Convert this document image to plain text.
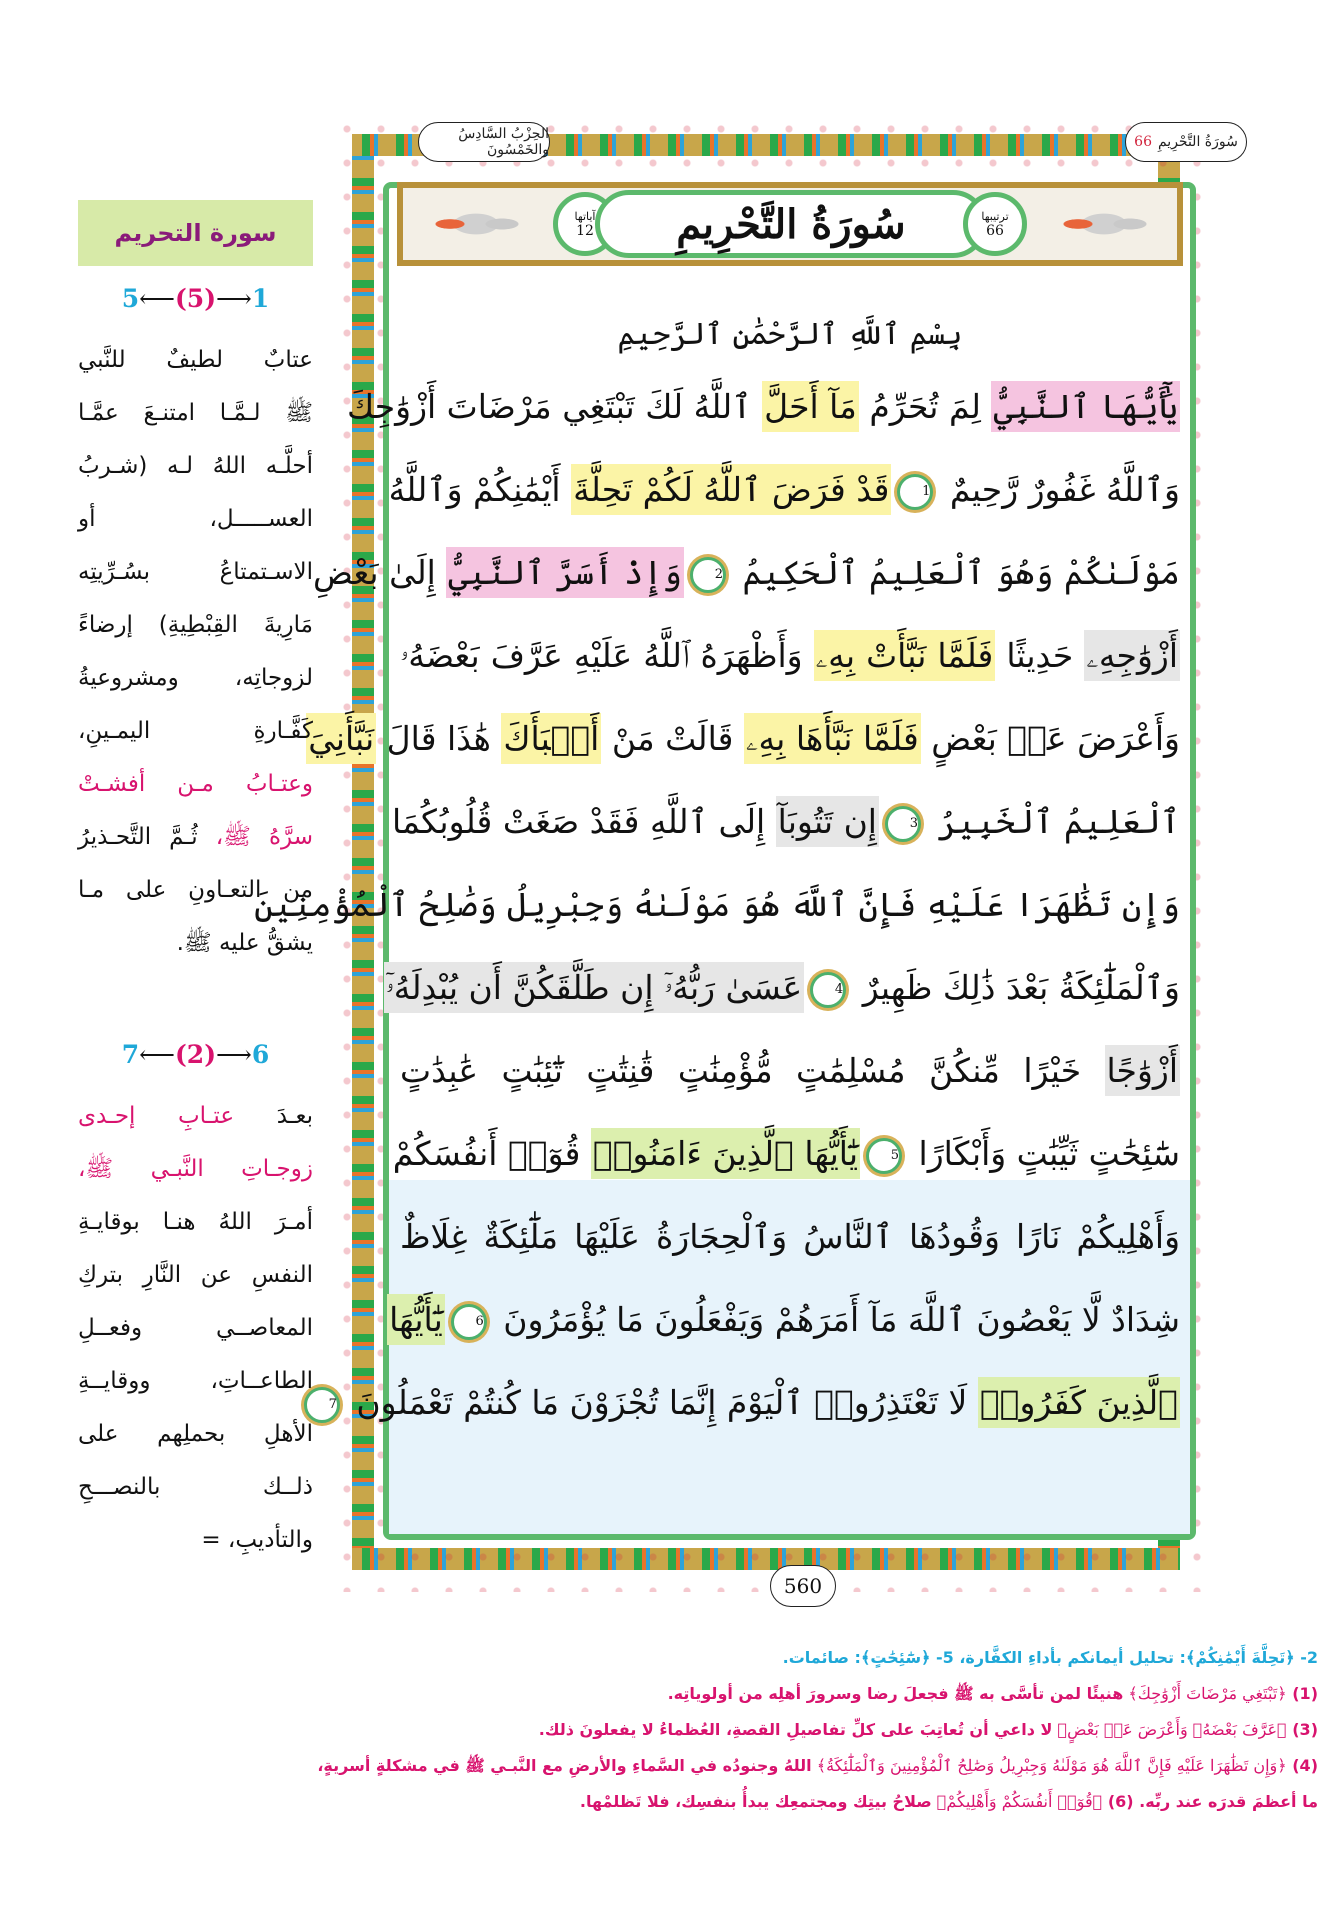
سُورَةُ التَّحْرِيمِ
66
الحِزْبُ السَّادِسُ والخَمْسُونَ
آياتها
12 سُورَةُ التَّحْرِيمِ	ترتيبها
66
بِسْمِ ٱللَّهِ ٱلرَّحْمَٰنِ ٱلرَّحِيمِ
يَٰٓأَيُّهَا ٱلنَّبِيُّ لِمَ تُحَرِّمُ مَآ أَحَلَّ ٱللَّهُ لَكَ تَبْتَغِي مَرْضَاتَ أَزْوَٰجِكَ
وَٱللَّهُ غَفُورٌ رَّحِيمٌ 1قَدْ فَرَضَ ٱللَّهُ لَكُمْ تَحِلَّةَ أَيْمَٰنِكُمْ وَٱللَّهُ
مَوْلَىٰكُمْ وَهُوَ ٱلْعَلِيمُ ٱلْحَكِيمُ 2وَإِذْ أَسَرَّ ٱلنَّبِيُّ إِلَىٰ بَعْضِ
أَزْوَٰجِهِۦ حَدِيثًا فَلَمَّا نَبَّأَتْ بِهِۦ وَأَظْهَرَهُ ٱللَّهُ عَلَيْهِ عَرَّفَ بَعْضَهُۥ
وَأَعْرَضَ عَنۢ بَعْضٍ فَلَمَّا نَبَّأَهَا بِهِۦ قَالَتْ مَنْ أَنۢبَأَكَ هَٰذَا قَالَ نَبَّأَنِيَ
ٱلْعَلِيمُ ٱلْخَبِيرُ 3إِن تَتُوبَآ إِلَى ٱللَّهِ فَقَدْ صَغَتْ قُلُوبُكُمَا
وَإِن تَظَٰهَرَا عَلَيْهِ فَإِنَّ ٱللَّهَ هُوَ مَوْلَىٰهُ وَجِبْرِيلُ وَصَٰلِحُ ٱلْمُؤْمِنِينَ
وَٱلْمَلَٰٓئِكَةُ بَعْدَ ذَٰلِكَ ظَهِيرٌ 4عَسَىٰ رَبُّهُۥٓ إِن طَلَّقَكُنَّ أَن يُبْدِلَهُۥٓ
أَزْوَٰجًا خَيْرًا مِّنكُنَّ مُسْلِمَٰتٍ مُّؤْمِنَٰتٍ قَٰنِتَٰتٍ تَٰٓئِبَٰتٍ عَٰبِدَٰتٍ
سَٰٓئِحَٰتٍ ثَيِّبَٰتٍ وَأَبْكَارًا 5يَٰٓأَيُّهَا ٱلَّذِينَ ءَامَنُوا۟ قُوٓا۟ أَنفُسَكُمْ
وَأَهْلِيكُمْ نَارًا وَقُودُهَا ٱلنَّاسُ وَٱلْحِجَارَةُ عَلَيْهَا مَلَٰٓئِكَةٌ غِلَاظٌ
شِدَادٌ لَّا يَعْصُونَ ٱللَّهَ مَآ أَمَرَهُمْ وَيَفْعَلُونَ مَا يُؤْمَرُونَ 6يَٰٓأَيُّهَا
ٱلَّذِينَ كَفَرُوا۟ لَا تَعْتَذِرُوا۟ ٱلْيَوْمَ إِنَّمَا تُجْزَوْنَ مَا كُنتُمْ تَعْمَلُونَ 7
560
سورة التحريم
5⟵(5)⟶1
عتابٌ لطيفٌ للنَّبي
ﷺ لـمَّـا امتنـعَ عمَّـا
أحلَّـه اللهُ لـه (شـربُ
العســـــل، أو
الاسـتمتاعُ بسُـرِّيتِه
مَارِيةَ القِبْطِيةِ) إرضاءً
لزوجاتِه، ومشروعيةُ
كَفَّـارةِ اليمـينِ،
وعتـابُ مـن أفشـتْ
سرَّهُ ﷺ، ثُـمَّ التَّحـذيرُ
من التعـاونِ على مـا
يشقُّ عليه ﷺ.
7⟵(2)⟶6
بعـدَ عتـابِ إحـدى
زوجـاتِ النَّبـي ﷺ،
أمـرَ اللهُ هنـا بوقايـةِ
النفسِ عن النَّارِ بتركِ
المعاصــي وفعــلِ
الطاعــاتِ، ووقايــةِ
الأهلِ بحملِهم على
ذلــك بالنصـــحِ
والتأديبِ، =
2- ﴿تَحِلَّةَ أَيْمَٰنِكُمْ﴾: تحليل أيمانكم بأداءِ الكفَّارة، 5- ﴿سَٰٓئِحَٰتٍ﴾: صائمات.
(1) ﴿تَبْتَغِي مَرْضَاتَ أَزْوَٰجِكَ﴾ هنيئًا لمن تأسَّى به ﷺ فجعلَ رضا وسرورَ أهلِه من أولوياتِه.
(3) ﴿عَرَّفَ بَعْضَهُۥ وَأَعْرَضَ عَنۢ بَعْضٍ﴾ لا داعي أن تُعاتِبَ على كلِّ تفاصيلِ القصةِ، العُظماءُ لا يفعلونَ ذلك.
(4) ﴿وَإِن تَظَٰهَرَا عَلَيْهِ فَإِنَّ ٱللَّهَ هُوَ مَوْلَىٰهُ وَجِبْرِيلُ وَصَٰلِحُ ٱلْمُؤْمِنِينَ وَٱلْمَلَٰٓئِكَةُ﴾ اللهُ وجنودُه في السَّماءِ والأرضِ مع النَّبـي ﷺ في مشكلةٍ أسريةٍ،
ما أعظمَ قدرَه عند ربِّه. (6) ﴿قُوٓا۟ أَنفُسَكُمْ وَأَهْلِيكُمْ﴾ صلاحُ بيتِك ومجتمعِك يبدأُ بنفسِك، فلا تَظلمْها.
